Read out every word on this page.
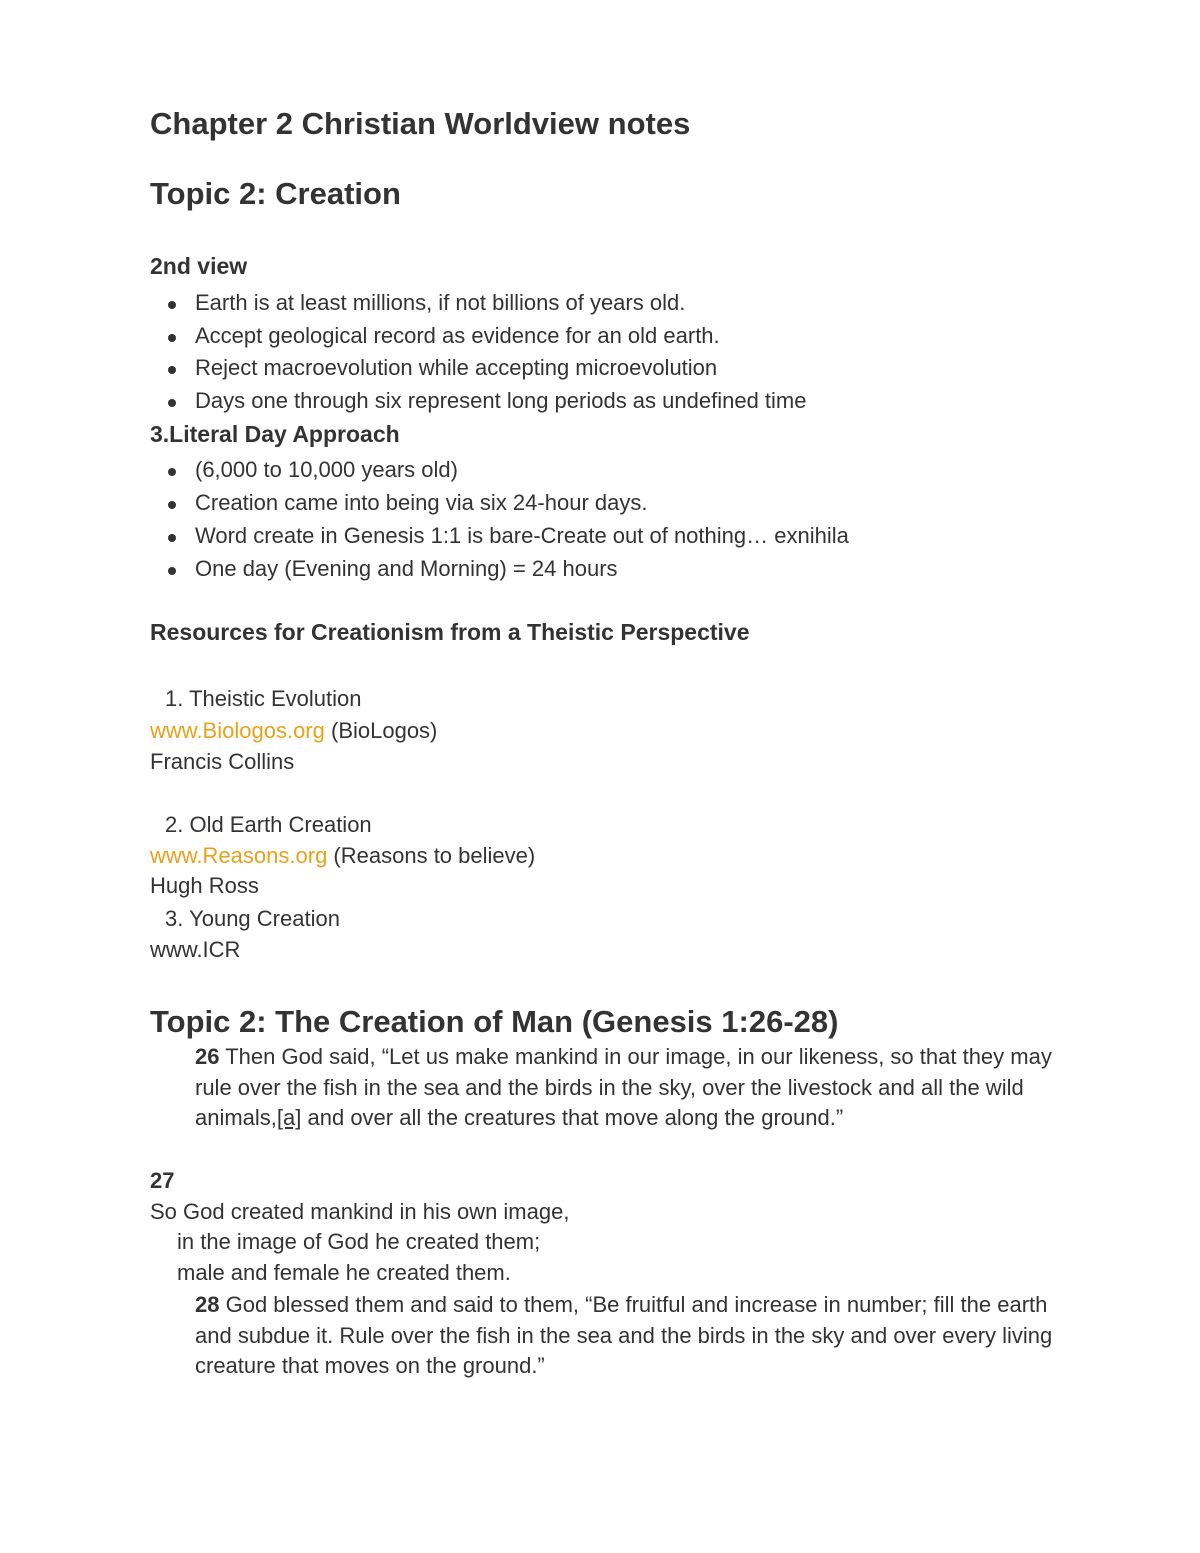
Chapter 2 Christian Worldview notes
Topic 2: Creation
2nd view
Earth is at least millions, if not billions of years old.
Accept geological record as evidence for an old earth.
Reject macroevolution while accepting microevolution
Days one through six represent long periods as undefined time
3.Literal Day Approach
(6,000 to 10,000 years old)
Creation came into being via six 24-hour days.
Word create in Genesis 1:1 is bare-Create out of nothing… exnihila
One day (Evening and Morning) = 24 hours
Resources for Creationism from a Theistic Perspective
1. Theistic Evolution
www.Biologos.org (BioLogos)
Francis Collins
2. Old Earth Creation
www.Reasons.org (Reasons to believe)
Hugh Ross
3. Young Creation
www.ICR
Topic 2: The Creation of Man (Genesis 1:26-28)
26 Then God said, “Let us make mankind in our image, in our likeness, so that they may rule over the fish in the sea and the birds in the sky, over the livestock and all the wild animals,[a] and over all the creatures that move along the ground.”
27
So God created mankind in his own image,
in the image of God he created them;
male and female he created them.
28 God blessed them and said to them, “Be fruitful and increase in number; fill the earth and subdue it. Rule over the fish in the sea and the birds in the sky and over every living creature that moves on the ground.”
